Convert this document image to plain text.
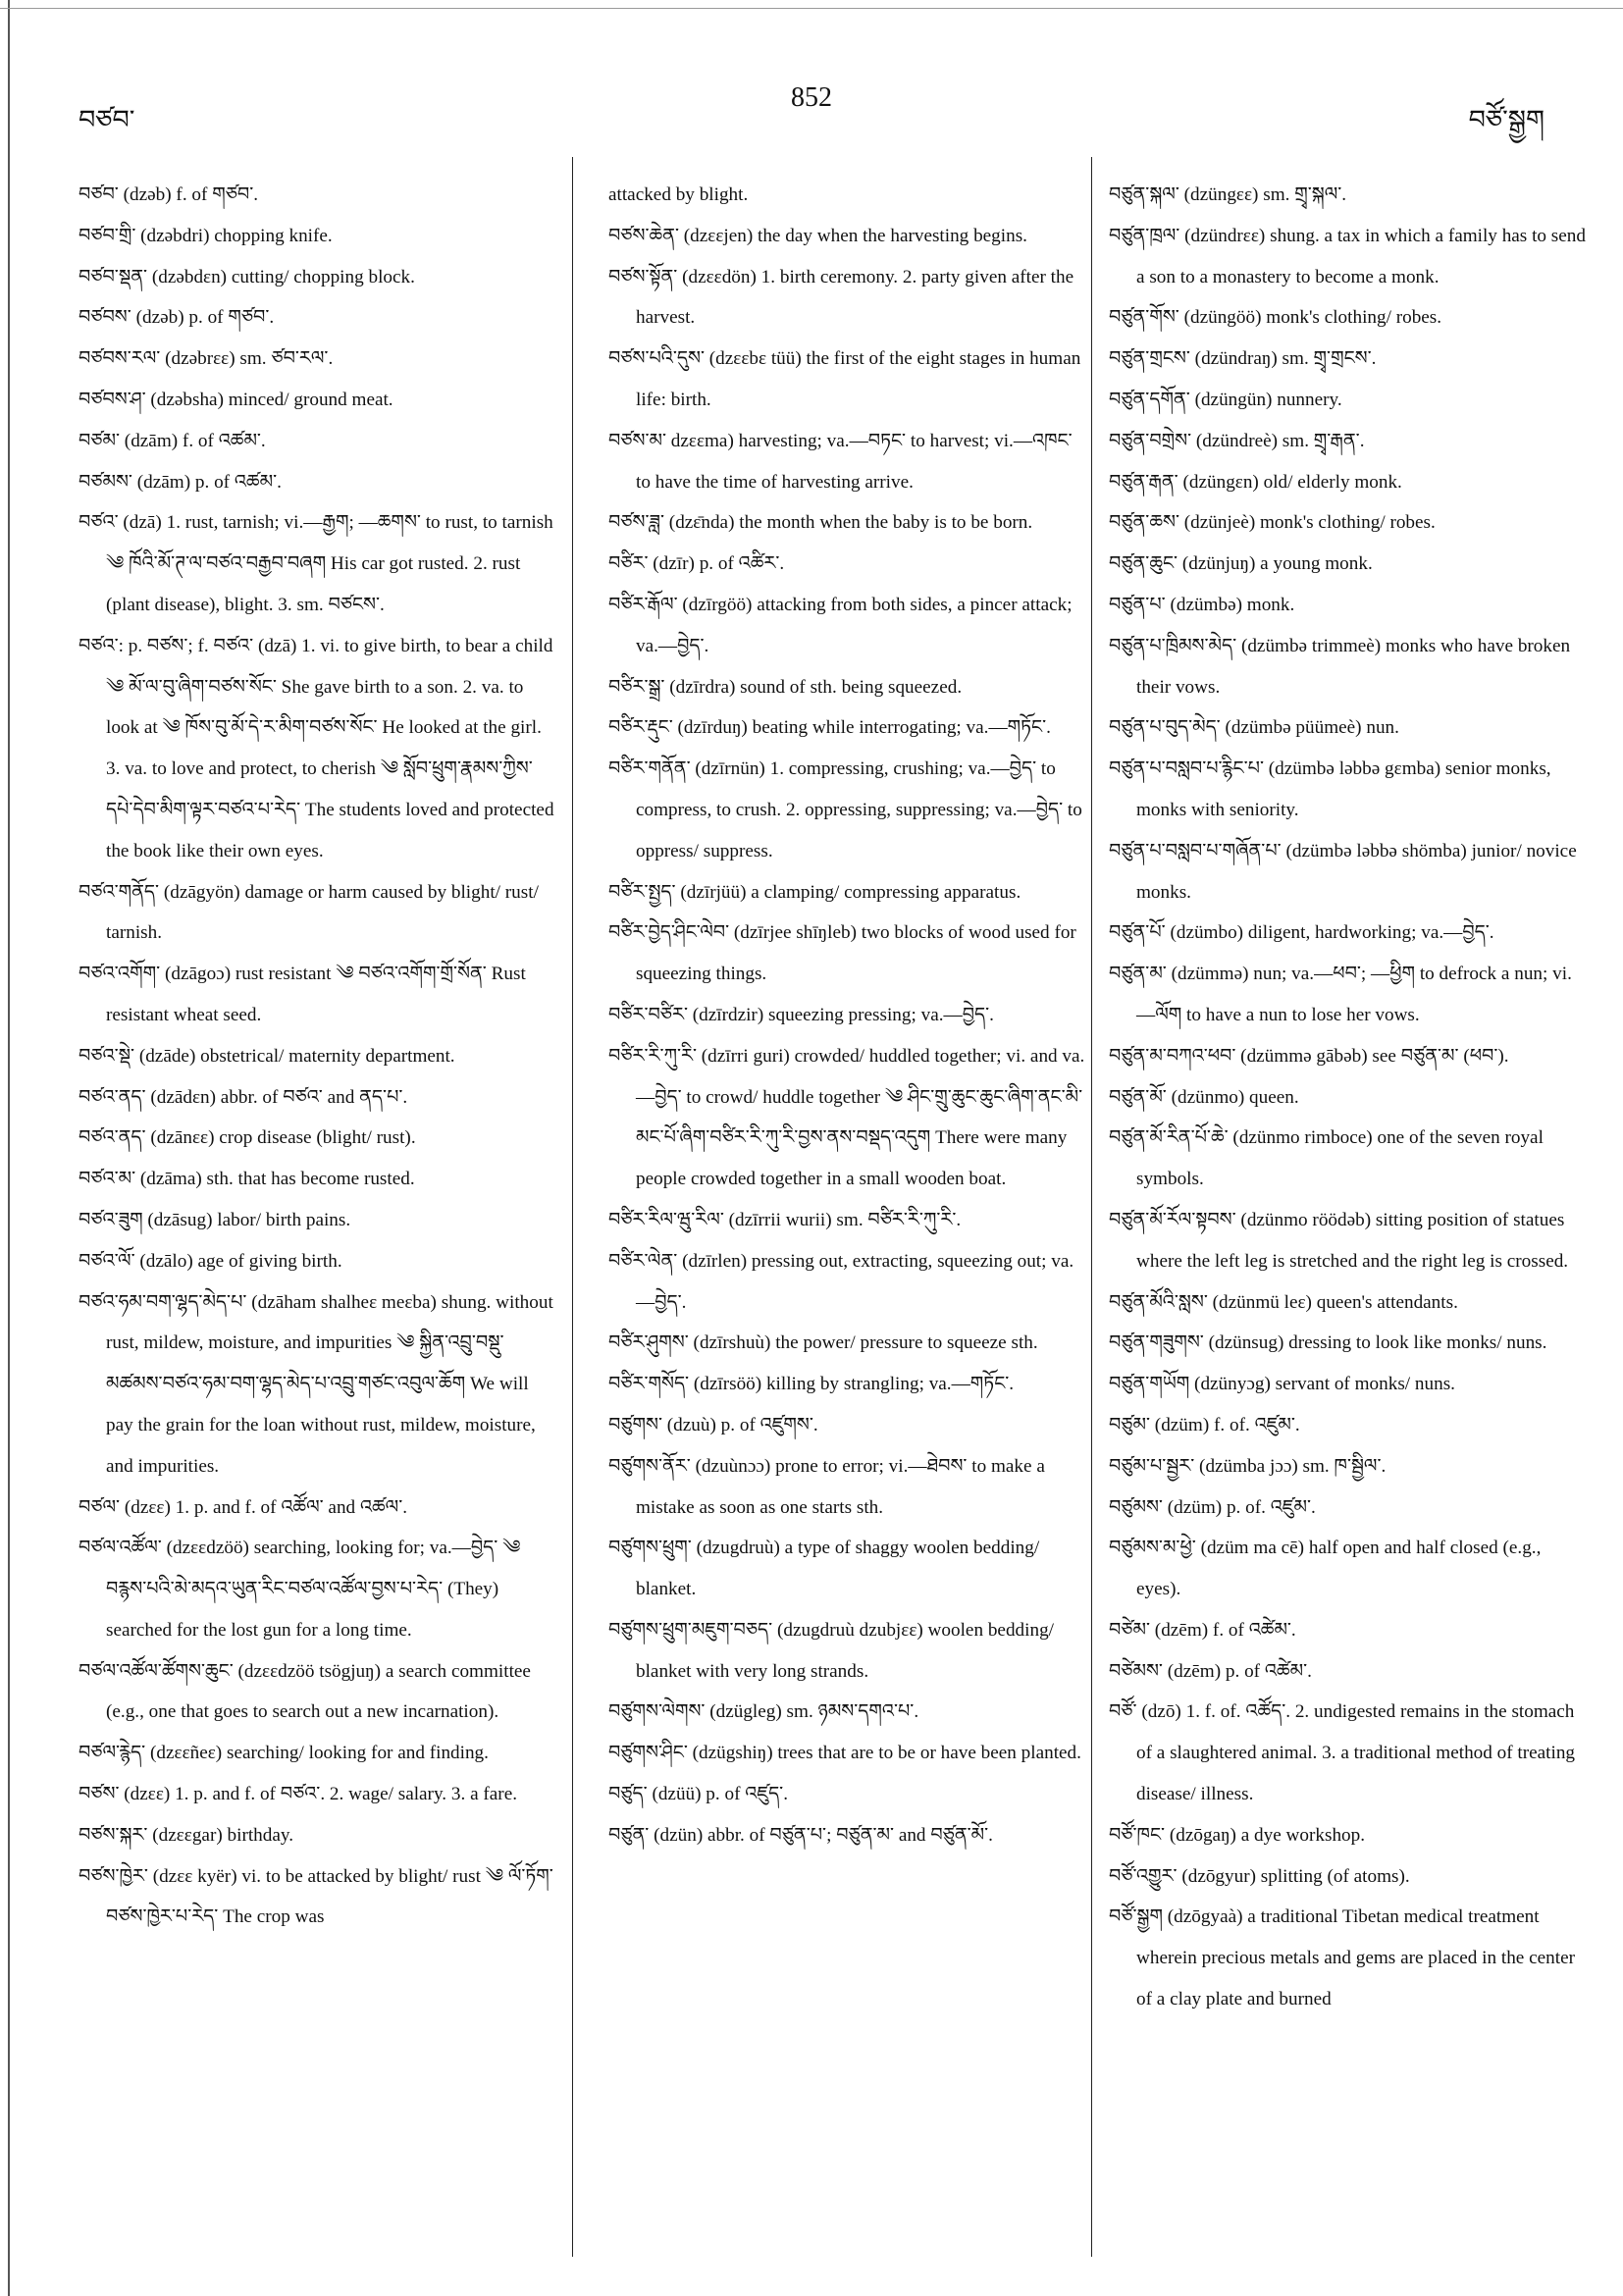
བཙབ་
852
བཙོ་སྒྱག
བཙབ་ (dzəb) f. of གཙབ་.
བཙབ་གྲི་ (dzəbdri) chopping knife.
བཙབ་སྡན་ (dzəbdɛn) cutting/ chopping block.
བཙབས་ (dzəb) p. of གཙབ་.
བཙབས་རལ་ (dzəbrɛɛ) sm. ཙབ་རལ་.
བཙབས་ཤ་ (dzəbsha) minced/ ground meat.
བཙམ་ (dzām) f. of འཚམ་.
བཙམས་ (dzām) p. of འཚམ་.
བཙའ་ (dzā) 1. rust, tarnish; vi.—རྒྱག; —ཆགས་ to rust, to tarnish ༄ ཁོའི་མོ་ཊ་ལ་བཙའ་བརྒྱབ་བཞག His car got rusted. 2. rust (plant disease), blight. 3. sm. བཙངས་.
བཙའ་: p. བཙས་; f. བཙའ་ (dzā) 1. vi. to give birth, to bear a child ༄ མོ་ལ་བུ་ཞིག་བཙས་སོང་ She gave birth to a son. 2. va. to look at ༄ ཁོས་བུ་མོ་དེ་ར་མིག་བཙས་སོང་ He looked at the girl. 3. va. to love and protect, to cherish ༄ སློབ་ཕྲུག་རྣམས་ཀྱིས་དཔེ་དེབ་མིག་ལྟར་བཙའ་པ་རེད་ The students loved and protected the book like their own eyes.
བཙའ་གནོད་ (dzāgyön) damage or harm caused by blight/ rust/ tarnish.
བཙའ་འགོག་ (dzāgoɔ) rust resistant ༄ བཙའ་འགོག་གྲོ་སོན་ Rust resistant wheat seed.
བཙའ་སྡེ་ (dzāde) obstetrical/ maternity department.
བཙའ་ནད་ (dzādɛn) abbr. of བཙའ་ and ནད་པ་.
བཙའ་ནད་ (dzānɛɛ) crop disease (blight/ rust).
བཙའ་མ་ (dzāma) sth. that has become rusted.
བཙའ་ཟུག (dzāsug) labor/ birth pains.
བཙའ་ལོ་ (dzālo) age of giving birth.
བཙའ་ཧམ་བག་ལྷད་མེད་པ་ (dzāham shalheɛ meɛba) shung. without rust, mildew, moisture, and impurities ༄ སྐྱིན་འབྲུ་བསྡུ་མཚམས་བཙའ་ཧམ་བག་ལྷད་མེད་པ་འབྲུ་གཙང་འབུལ་ཆོག We will pay the grain for the loan without rust, mildew, moisture, and impurities.
བཙལ་ (dzɛɛ) 1. p. and f. of འཚོལ་ and འཚལ་.
བཙལ་འཚོལ་ (dzɛɛdzöö) searching, looking for; va.—བྱེད་ ༄ བརྙས་པའི་མེ་མདའ་ཡུན་རིང་བཙལ་འཚོལ་བྱས་པ་རེད་ (They) searched for the lost gun for a long time.
བཙལ་འཚོལ་ཚོགས་ཆུང་ (dzɛɛdzöö tsögjuŋ) a search committee (e.g., one that goes to search out a new incarnation).
བཙལ་རྙེད་ (dzɛɛñeɛ) searching/ looking for and finding.
བཙས་ (dzɛɛ) 1. p. and f. of བཙའ་. 2. wage/ salary. 3. a fare.
བཙས་སྐར་ (dzɛɛgar) birthday.
བཙས་ཁྱེར་ (dzɛɛ kyër) vi. to be attacked by blight/ rust ༄ ལོ་ཏོག་བཙས་ཁྱེར་པ་རེད་ The crop was
attacked by blight.
བཙས་ཆེན་ (dzɛɛjen) the day when the harvesting begins.
བཙས་སྟོན་ (dzɛɛdön) 1. birth ceremony. 2. party given after the harvest.
བཙས་པའི་དུས་ (dzɛɛbɛ tüü) the first of the eight stages in human life: birth.
བཙས་མ་ dzɛɛma) harvesting; va.—བཏང་ to harvest; vi.—འཁང་ to have the time of harvesting arrive.
བཙས་ཟླ་ (dzɛ̄nda) the month when the baby is to be born.
བཙིར་ (dzīr) p. of འཚིར་.
བཙིར་རྒོལ་ (dzīrgöö) attacking from both sides, a pincer attack; va.—བྱེད་.
བཙིར་སྒྲ་ (dzīrdra) sound of sth. being squeezed.
བཙིར་རྡུང་ (dzīrduŋ) beating while interrogating; va.—གཏོང་.
བཙིར་གནོན་ (dzīrnün) 1. compressing, crushing; va.—བྱེད་ to compress, to crush. 2. oppressing, suppressing; va.—བྱེད་ to oppress/ suppress.
བཙིར་སྤྱད་ (dzīrjüü) a clamping/ compressing apparatus.
བཙིར་བྱེད་ཤིང་ལེབ་ (dzīrjee shīŋleb) two blocks of wood used for squeezing things.
བཙིར་བཙིར་ (dzīrdzir) squeezing pressing; va.—བྱེད་.
བཙིར་རི་ཀུ་རི་ (dzīrri guri) crowded/ huddled together; vi. and va.—བྱེད་ to crowd/ huddle together ༄ ཤིང་གྲུ་ཆུང་ཆུང་ཞིག་ནང་མི་མང་པོ་ཞིག་བཙིར་རི་ཀུ་རི་བྱས་ནས་བསྡད་འདུག There were many people crowded together in a small wooden boat.
བཙིར་རིལ་ཝུ་རིལ་ (dzīrrii wurii) sm. བཙིར་རི་ཀུ་རི་.
བཙིར་ལེན་ (dzīrlen) pressing out, extracting, squeezing out; va.—བྱེད་.
བཙིར་ཤུགས་ (dzīrshuù) the power/ pressure to squeeze sth.
བཙིར་གསོད་ (dzīrsöö) killing by strangling; va.—གཏོང་.
བཙུགས་ (dzuù) p. of འཛུགས་.
བཙུགས་ནོར་ (dzuùnɔɔ) prone to error; vi.—ཐེབས་ to make a mistake as soon as one starts sth.
བཙུགས་ཕྲུག་ (dzugdruù) a type of shaggy woolen bedding/ blanket.
བཙུགས་ཕྲུག་མཇུག་བཅད་ (dzugdruù dzubjɛɛ) woolen bedding/ blanket with very long strands.
བཙུགས་ལེགས་ (dzügleg) sm. ཉམས་དགའ་པ་.
བཙུགས་ཤིང་ (dzügshiŋ) trees that are to be or have been planted.
བཙུད་ (dzüü) p. of འཛུད་.
བཙུན་ (dzün) abbr. of བཙུན་པ་; བཙུན་མ་ and བཙུན་མོ་.
བཙུན་སྐལ་ (dzüngɛɛ) sm. གྲྭ་སྐལ་.
བཙུན་ཁྲལ་ (dzündrɛɛ) shung. a tax in which a family has to send a son to a monastery to become a monk.
བཙུན་གོས་ (dzüngöö) monk's clothing/ robes.
བཙུན་གྲངས་ (dzündraŋ) sm. གྲྭ་གྲངས་.
བཙུན་དགོན་ (dzüngün) nunnery.
བཙུན་བགྲེས་ (dzündreè) sm. གྲྭ་རྒན་.
བཙུན་རྒན་ (dzüngɛn) old/ elderly monk.
བཙུན་ཆས་ (dzünjeè) monk's clothing/ robes.
བཙུན་ཆུང་ (dzünjuŋ) a young monk.
བཙུན་པ་ (dzümbə) monk.
བཙུན་པ་ཁྲིམས་མེད་ (dzümbə trimmeè) monks who have broken their vows.
བཙུན་པ་བུད་མེད་ (dzümbə püümeè) nun.
བཙུན་པ་བསླབ་པ་རྙིང་པ་ (dzümbə ləbbə gɛmba) senior monks, monks with seniority.
བཙུན་པ་བསླབ་པ་གཞོན་པ་ (dzümbə ləbbə shömba) junior/ novice monks.
བཙུན་པོ་ (dzümbo) diligent, hardworking; va.—བྱེད་.
བཙུན་མ་ (dzümmə) nun; va.—ཕབ་; —ཕྱིག to defrock a nun; vi.—ལོག to have a nun to lose her vows.
བཙུན་མ་བཀའ་ཕབ་ (dzümmə gābəb) see བཙུན་མ་ (ཕབ་).
བཙུན་མོ་ (dzünmo) queen.
བཙུན་མོ་རིན་པོ་ཆེ་ (dzünmo rimboce) one of the seven royal symbols.
བཙུན་མོ་རོལ་སྟབས་ (dzünmo röödəb) sitting position of statues where the left leg is stretched and the right leg is crossed.
བཙུན་མོའི་སླས་ (dzünmü leɛ) queen's attendants.
བཙུན་གཟུགས་ (dzünsug) dressing to look like monks/ nuns.
བཙུན་གཡོག (dzünyɔg) servant of monks/ nuns.
བཙུམ་ (dzüm) f. of. འཛུམ་.
བཙུམ་པ་སྦྱར་ (dzümba jɔɔ) sm. ཁ་སྦྱིལ་.
བཙུམས་ (dzüm) p. of. འཛུམ་.
བཙུམས་མ་ཕྱེ་ (dzüm ma cē) half open and half closed (e.g., eyes).
བཙེམ་ (dzēm) f. of འཚེམ་.
བཙེམས་ (dzēm) p. of འཚེམ་.
བཙོ་ (dzō) 1. f. of. འཚོད་. 2. undigested remains in the stomach of a slaughtered animal. 3. a traditional method of treating disease/ illness.
བཙོ་ཁང་ (dzōgaŋ) a dye workshop.
བཙོ་འགྱུར་ (dzōgyur) splitting (of atoms).
བཙོ་སྒྱག (dzōgyaà) a traditional Tibetan medical treatment wherein precious metals and gems are placed in the center of a clay plate and burned
